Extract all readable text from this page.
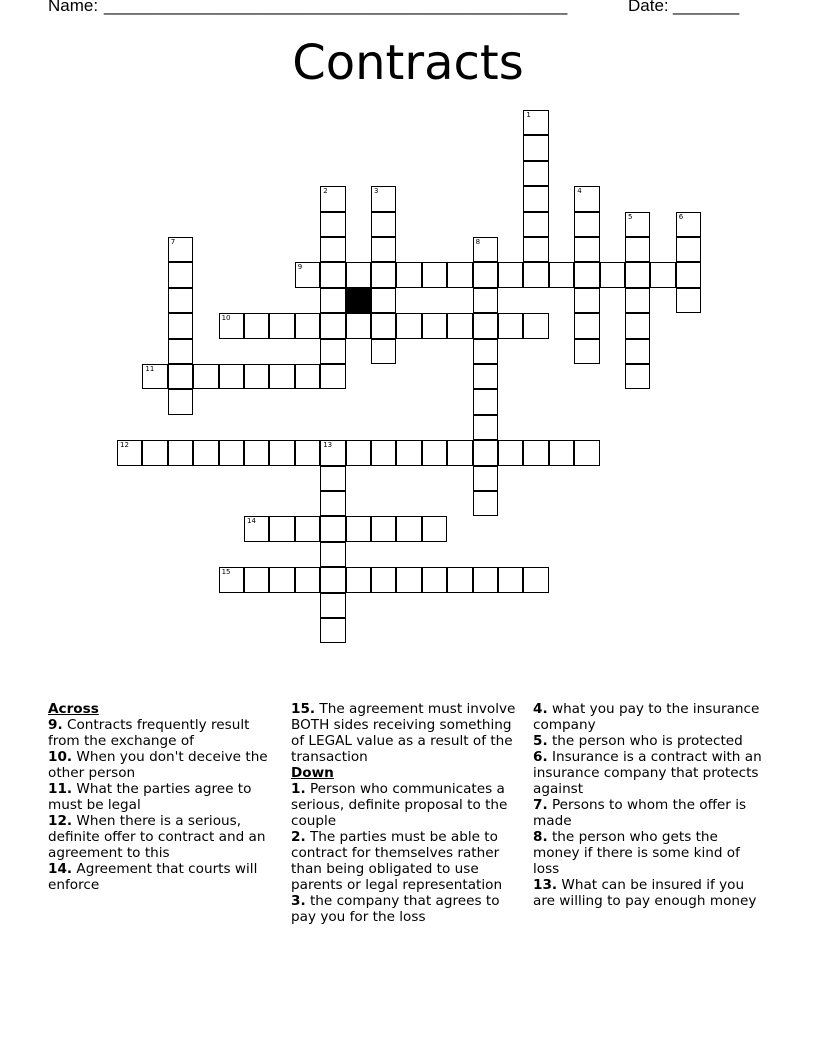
Name: _________________________________________________	Date: _______
Contracts
1
2	3	4
5	6
7	8
9
10
11
12	13
14
15
Across
9. Contracts frequently result from the exchange of
10. When you don't deceive the other person
11. What the parties agree to must be legal
12. When there is a serious, definite offer to contract and an agreement to this
14. Agreement that courts will enforce
15. The agreement must involve BOTH sides receiving something of LEGAL value as a result of the transaction
Down
1. Person who communicates a serious, definite proposal to the couple
2. The parties must be able to contract for themselves rather than being obligated to use parents or legal representation
3. the company that agrees to pay you for the loss
4. what you pay to the insurance company
5. the person who is protected
6. Insurance is a contract with an insurance company that protects against
7. Persons to whom the offer is made
8. the person who gets the money if there is some kind of loss
13. What can be insured if you are willing to pay enough money
